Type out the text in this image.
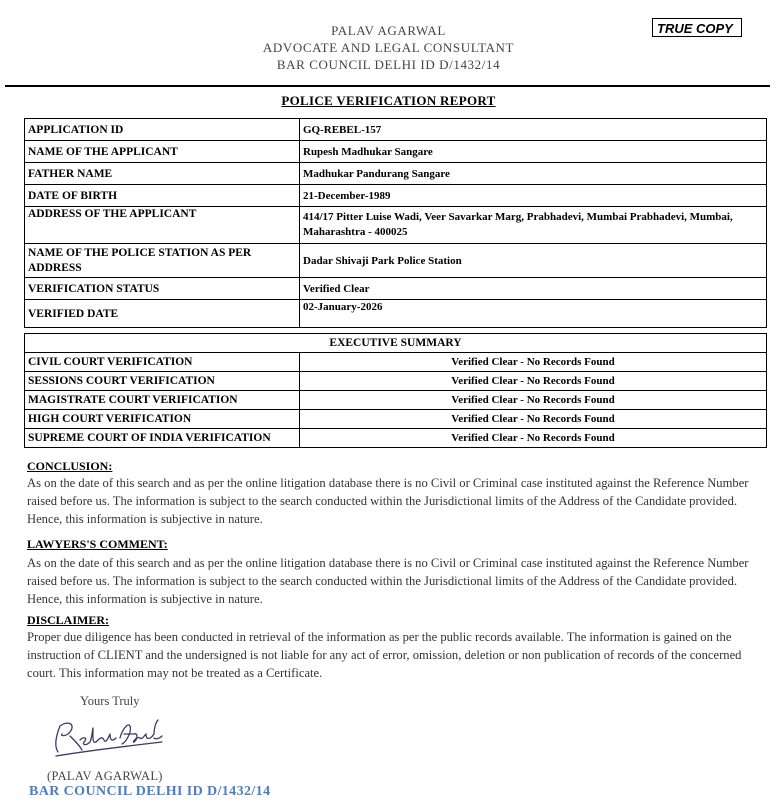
PALAV AGARWAL
ADVOCATE AND LEGAL CONSULTANT
BAR COUNCIL DELHI ID D/1432/14
TRUE COPY
POLICE VERIFICATION REPORT
APPLICATION ID	GQ-REBEL-157
NAME OF THE APPLICANT	Rupesh Madhukar Sangare
FATHER NAME	Madhukar Pandurang Sangare
DATE OF BIRTH	21-December-1989
ADDRESS OF THE APPLICANT	414/17 Pitter Luise Wadi, Veer Savarkar Marg, Prabhadevi, Mumbai Prabhadevi, Mumbai, Maharashtra - 400025
NAME OF THE POLICE STATION AS PER ADDRESS	Dadar Shivaji Park Police Station
VERIFICATION STATUS	Verified Clear
VERIFIED DATE	02-January-2026
EXECUTIVE SUMMARY	
CIVIL COURT VERIFICATION	Verified Clear - No Records Found
SESSIONS COURT VERIFICATION	Verified Clear - No Records Found
MAGISTRATE COURT VERIFICATION	Verified Clear - No Records Found
HIGH COURT VERIFICATION	Verified Clear - No Records Found
SUPREME COURT OF INDIA VERIFICATION	Verified Clear - No Records Found
CONCLUSION:
As on the date of this search and as per the online litigation database there is no Civil or Criminal case instituted against the Reference Number raised before us. The information is subject to the search conducted within the Jurisdictional limits of the Address of the Candidate provided. Hence, this information is subjective in nature.
LAWYERS'S COMMENT:
As on the date of this search and as per the online litigation database there is no Civil or Criminal case instituted against the Reference Number raised before us. The information is subject to the search conducted within the Jurisdictional limits of the Address of the Candidate provided. Hence, this information is subjective in nature.
DISCLAIMER:
Proper due diligence has been conducted in retrieval of the information as per the public records available. The information is gained on the instruction of CLIENT and the undersigned is not liable for any act of error, omission, deletion or non publication of records of the concerned court. This information may not be treated as a Certificate.
Yours Truly
(PALAV AGARWAL)
BAR COUNCIL DELHI ID D/1432/14
